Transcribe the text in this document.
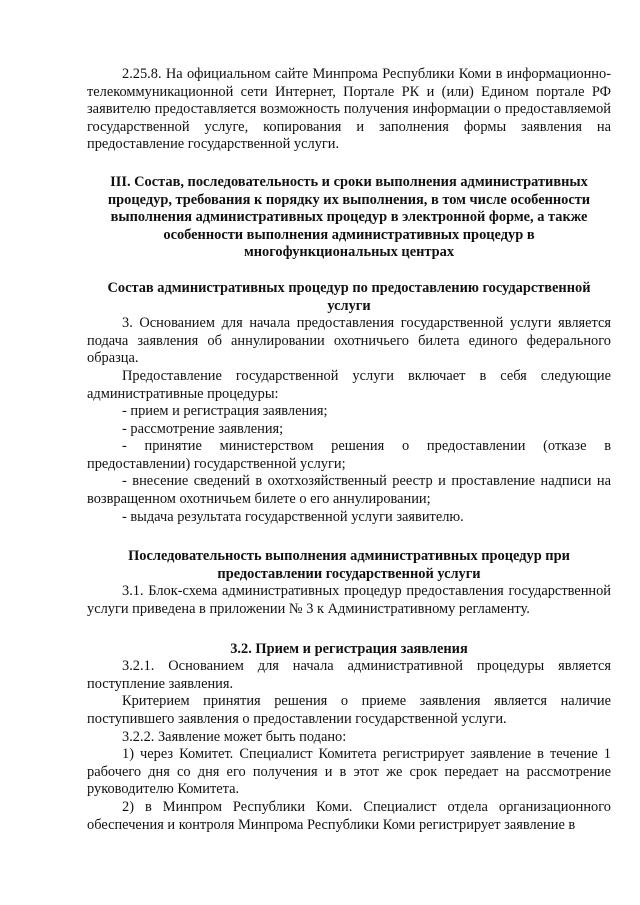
2.25.8. На официальном сайте Минпрома Республики Коми в информационно-телекоммуникационной сети Интернет, Портале РК и (или) Едином портале РФ заявителю предоставляется возможность получения информации о предоставляемой государственной услуге, копирования и заполнения формы заявления на предоставление государственной услуги.

III. Состав, последовательность и сроки выполнения административных процедур, требования к порядку их выполнения, в том числе особенности выполнения административных процедур в электронной форме, а также особенности выполнения административных процедур в многофункциональных центрах

Состав административных процедур по предоставлению государственной услуги

3. Основанием для начала предоставления государственной услуги является подача заявления об аннулировании охотничьего билета единого федерального образца.

Предоставление государственной услуги включает в себя следующие административные процедуры:

- прием и регистрация заявления;

- рассмотрение заявления;

- принятие министерством решения о предоставлении (отказе в предоставлении) государственной услуги;

- внесение сведений в охотхозяйственный реестр и проставление надписи на возвращенном охотничьем билете о его аннулировании;

- выдача результата государственной услуги заявителю.

Последовательность выполнения административных процедур при предоставлении государственной услуги

3.1. Блок-схема административных процедур предоставления государственной услуги приведена в приложении № 3 к Административному регламенту.

3.2. Прием и регистрация заявления

3.2.1. Основанием для начала административной процедуры является поступление заявления.

Критерием принятия решения о приеме заявления является наличие поступившего заявления о предоставлении государственной услуги.

3.2.2. Заявление может быть подано:

1) через Комитет. Специалист Комитета регистрирует заявление в течение 1 рабочего дня со дня его получения и в этот же срок передает на рассмотрение руководителю Комитета.

2) в Минпром Республики Коми. Специалист отдела организационного обеспечения и контроля Минпрома Республики Коми регистрирует заявление в
